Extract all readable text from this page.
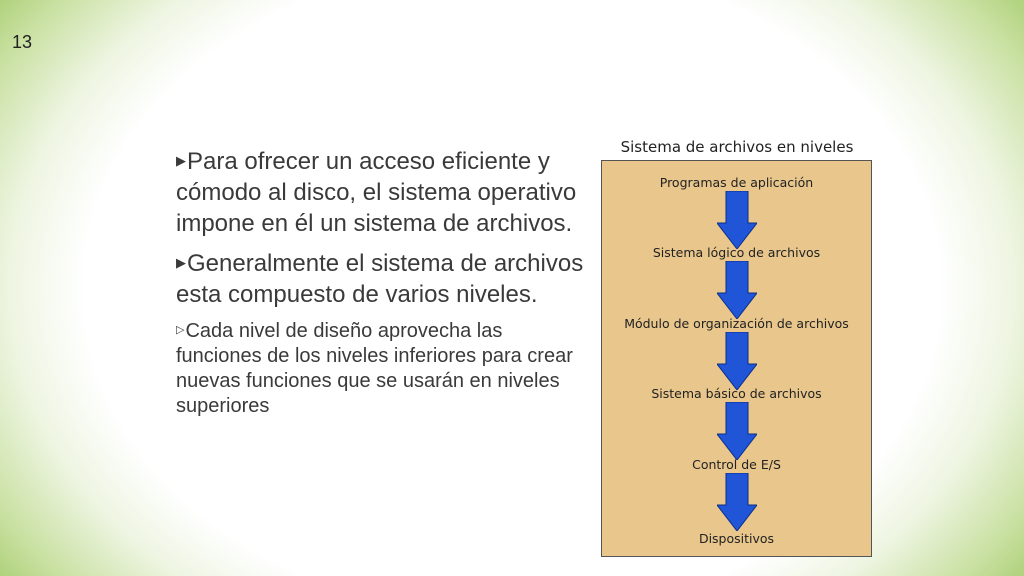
13

▶Para ofrecer un acceso eficiente y cómodo al disco, el sistema operativo impone en él un sistema de archivos.

▶Generalmente el sistema de archivos esta compuesto de varios niveles.

▷Cada nivel de diseño aprovecha las funciones de los niveles inferiores para crear nuevas funciones que se usarán en niveles superiores

Sistema de archivos en niveles
Programas de aplicación
Sistema lógico de archivos
Módulo de organización de archivos
Sistema básico de archivos
Control de E/S
Dispositivos
